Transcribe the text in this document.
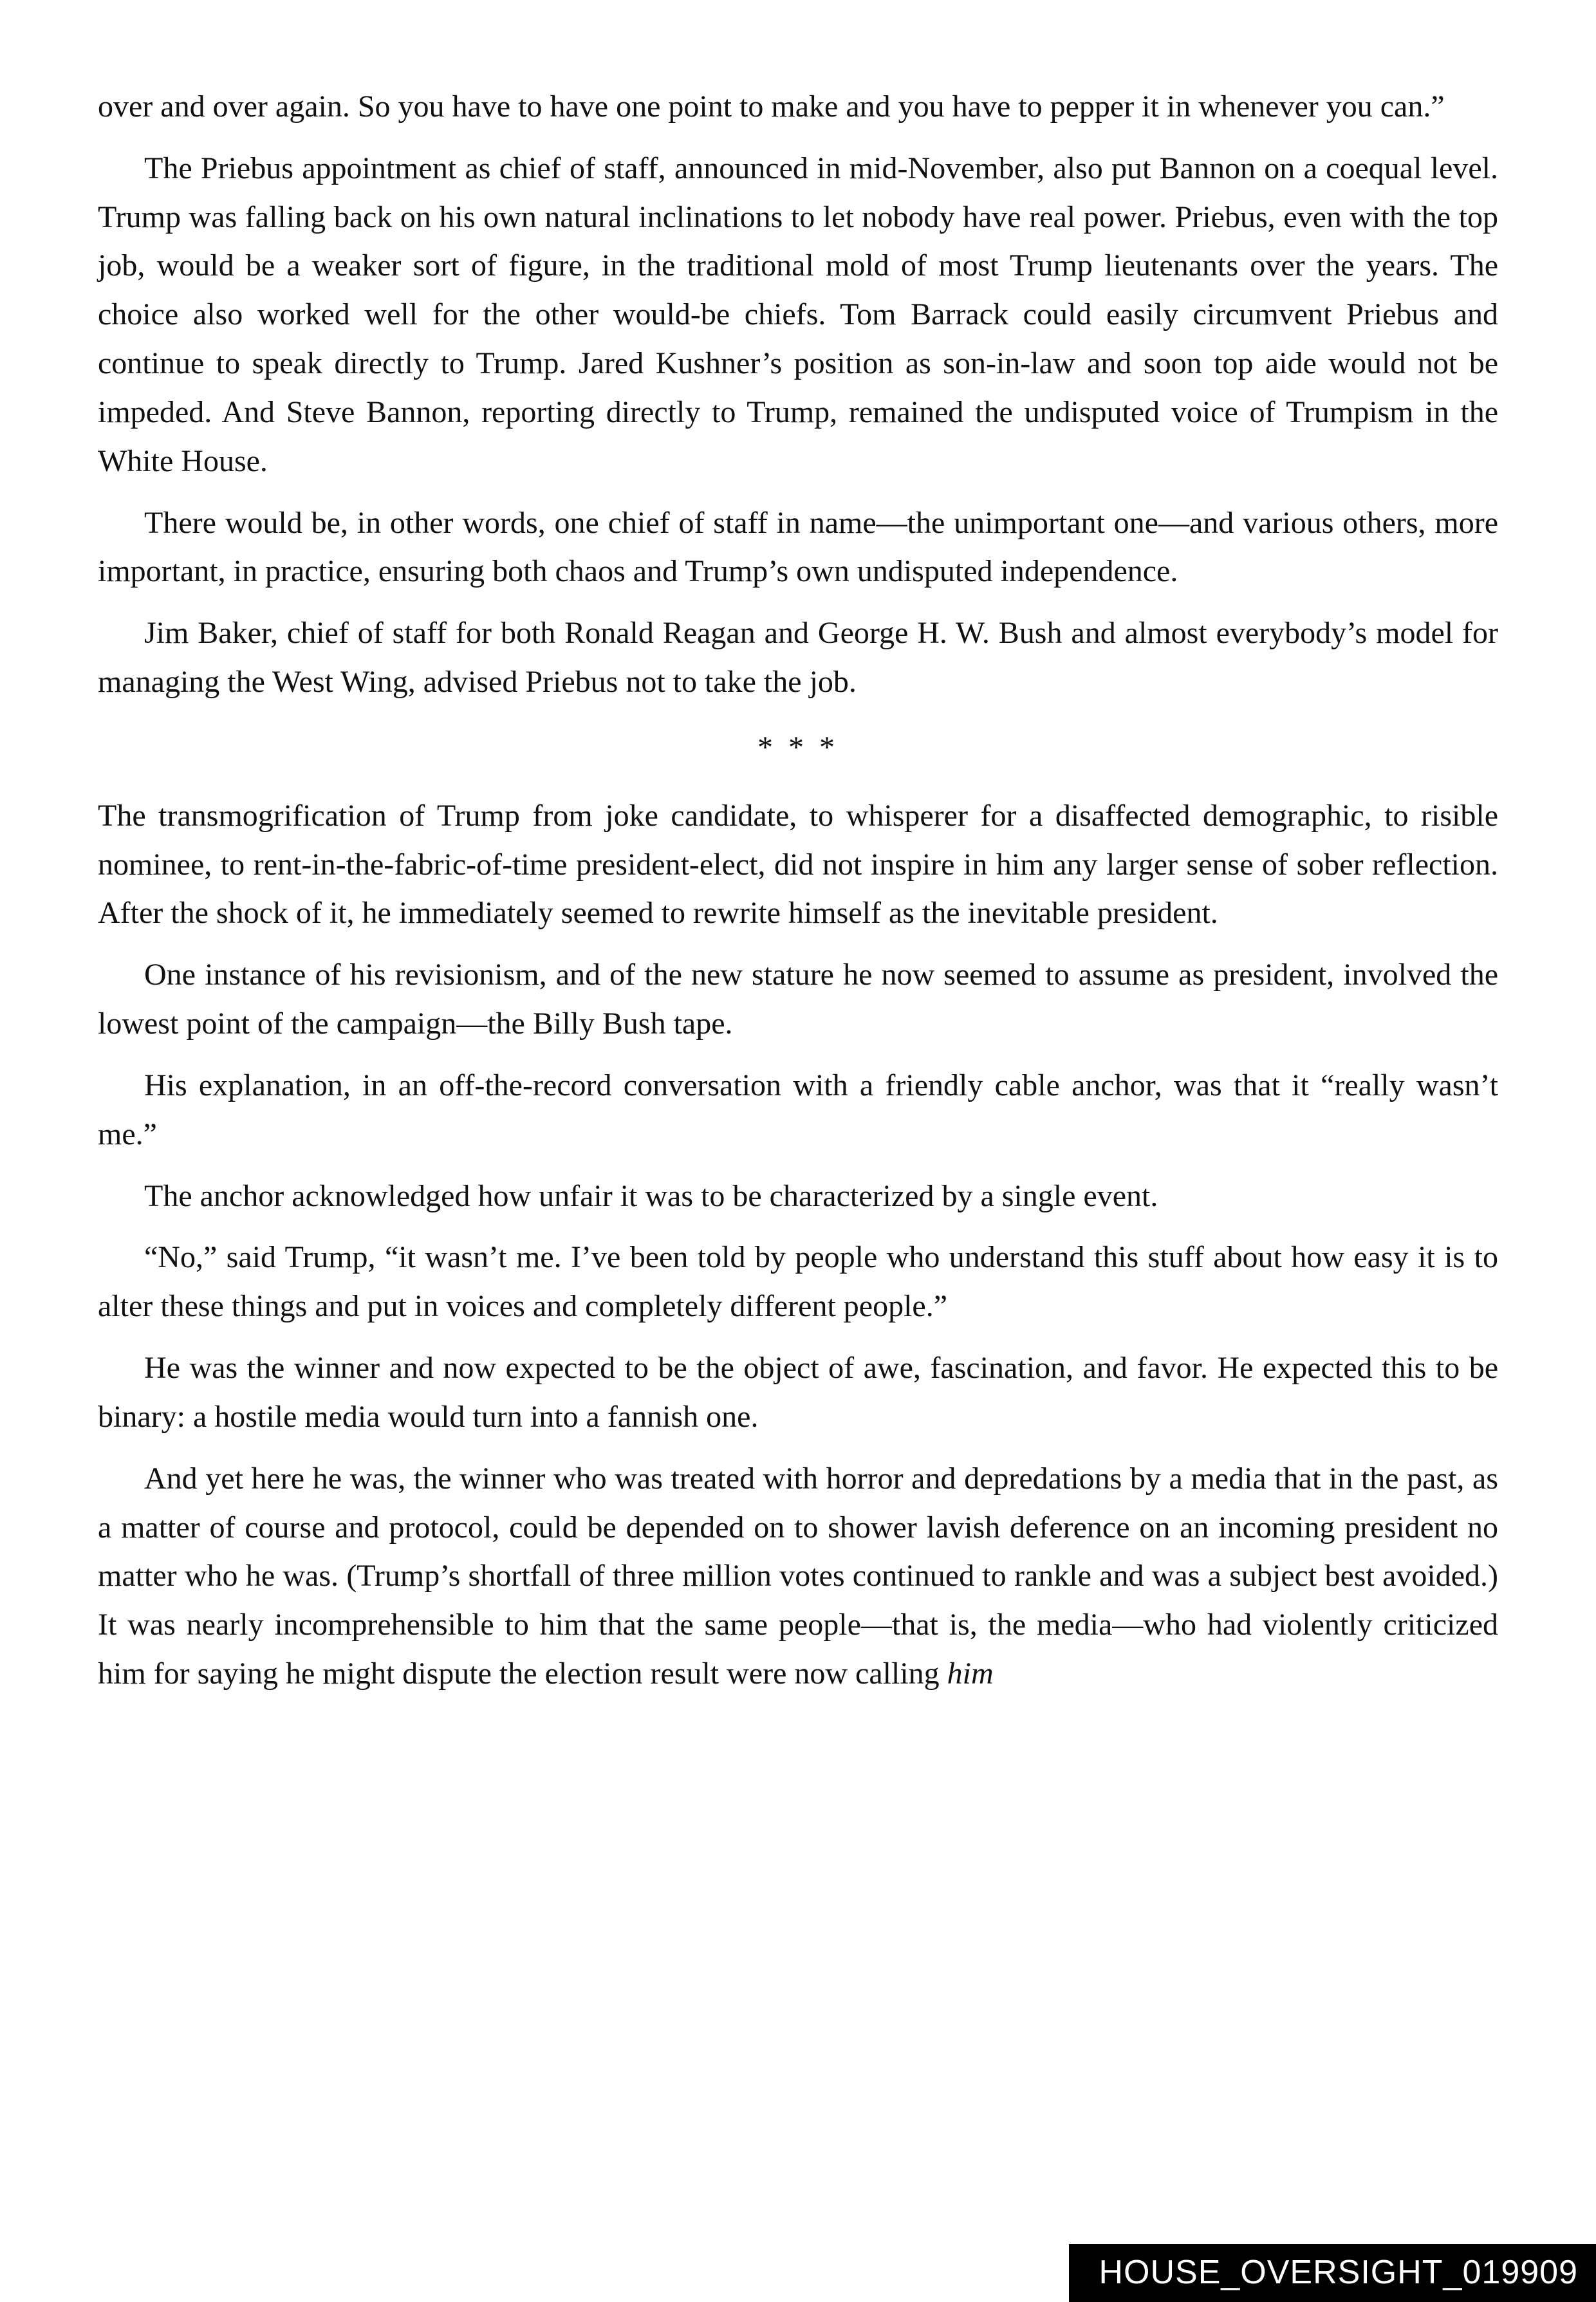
over and over again. So you have to have one point to make and you have to pepper it in whenever you can.”

The Priebus appointment as chief of staff, announced in mid-November, also put Bannon on a coequal level. Trump was falling back on his own natural inclinations to let nobody have real power. Priebus, even with the top job, would be a weaker sort of figure, in the traditional mold of most Trump lieutenants over the years. The choice also worked well for the other would-be chiefs. Tom Barrack could easily circumvent Priebus and continue to speak directly to Trump. Jared Kushner’s position as son-in-law and soon top aide would not be impeded. And Steve Bannon, reporting directly to Trump, remained the undisputed voice of Trumpism in the White House.

There would be, in other words, one chief of staff in name—the unimportant one—and various others, more important, in practice, ensuring both chaos and Trump’s own undisputed independence.

Jim Baker, chief of staff for both Ronald Reagan and George H. W. Bush and almost everybody’s model for managing the West Wing, advised Priebus not to take the job.

* * *

The transmogrification of Trump from joke candidate, to whisperer for a disaffected demographic, to risible nominee, to rent-in-the-fabric-of-time president-elect, did not inspire in him any larger sense of sober reflection. After the shock of it, he immediately seemed to rewrite himself as the inevitable president.

One instance of his revisionism, and of the new stature he now seemed to assume as president, involved the lowest point of the campaign—the Billy Bush tape.

His explanation, in an off-the-record conversation with a friendly cable anchor, was that it “really wasn’t me.”

The anchor acknowledged how unfair it was to be characterized by a single event.

“No,” said Trump, “it wasn’t me. I’ve been told by people who understand this stuff about how easy it is to alter these things and put in voices and completely different people.”

He was the winner and now expected to be the object of awe, fascination, and favor. He expected this to be binary: a hostile media would turn into a fannish one.

And yet here he was, the winner who was treated with horror and depredations by a media that in the past, as a matter of course and protocol, could be depended on to shower lavish deference on an incoming president no matter who he was. (Trump’s shortfall of three million votes continued to rankle and was a subject best avoided.) It was nearly incomprehensible to him that the same people—that is, the media—who had violently criticized him for saying he might dispute the election result were now calling him

HOUSE_OVERSIGHT_019909
